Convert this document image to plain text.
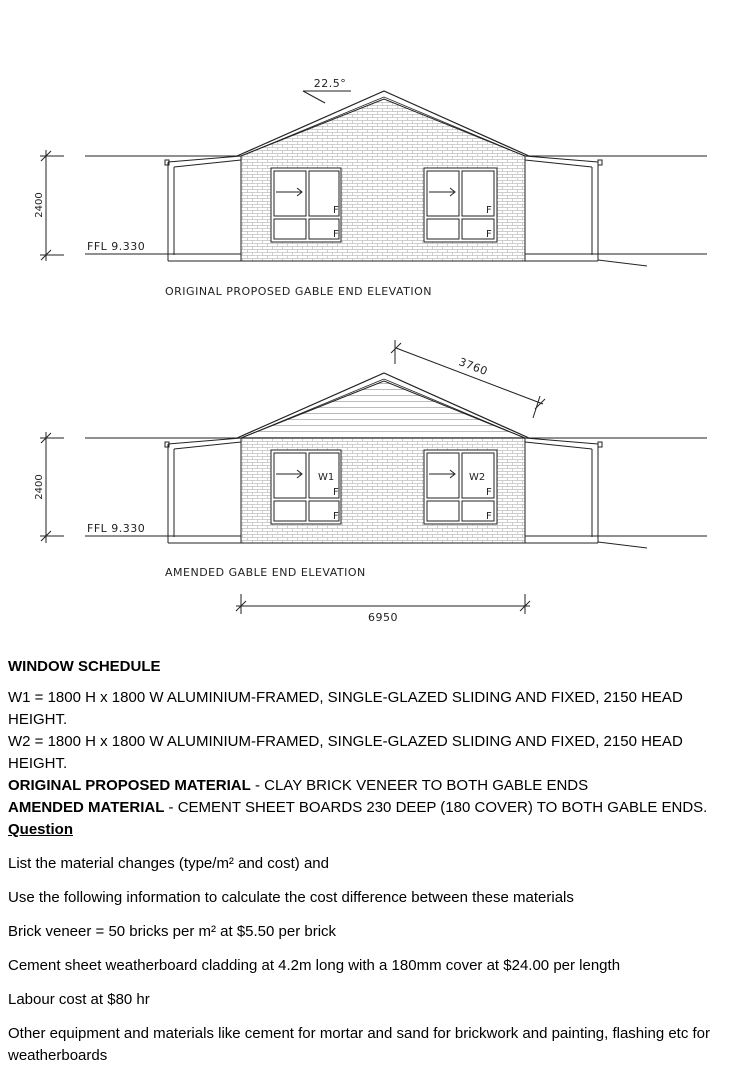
2400
22.5°
FFL 9.330
F
F
F
F
ORIGINAL PROPOSED GABLE END ELEVATION
3760
2400
FFL 9.330
W1
F
F
W2
F
F
AMENDED GABLE END ELEVATION
6950

WINDOW SCHEDULE

W1 = 1800 H x 1800 W ALUMINIUM-FRAMED, SINGLE-GLAZED SLIDING AND FIXED, 2150 HEAD HEIGHT.

W2 = 1800 H x 1800 W ALUMINIUM-FRAMED, SINGLE-GLAZED SLIDING AND FIXED, 2150 HEAD HEIGHT.

ORIGINAL PROPOSED MATERIAL - CLAY BRICK VENEER TO BOTH GABLE ENDS

AMENDED MATERIAL - CEMENT SHEET BOARDS 230 DEEP (180 COVER) TO BOTH GABLE ENDS.

Question

List the material changes (type/m² and cost) and

Use the following information to calculate the cost difference between these materials

Brick veneer = 50 bricks per m² at $5.50 per brick

Cement sheet weatherboard cladding at 4.2m long with a 180mm cover at $24.00 per length

Labour cost at $80 hr

Other equipment and materials like cement for mortar and sand for brickwork and painting, flashing etc for weatherboards
